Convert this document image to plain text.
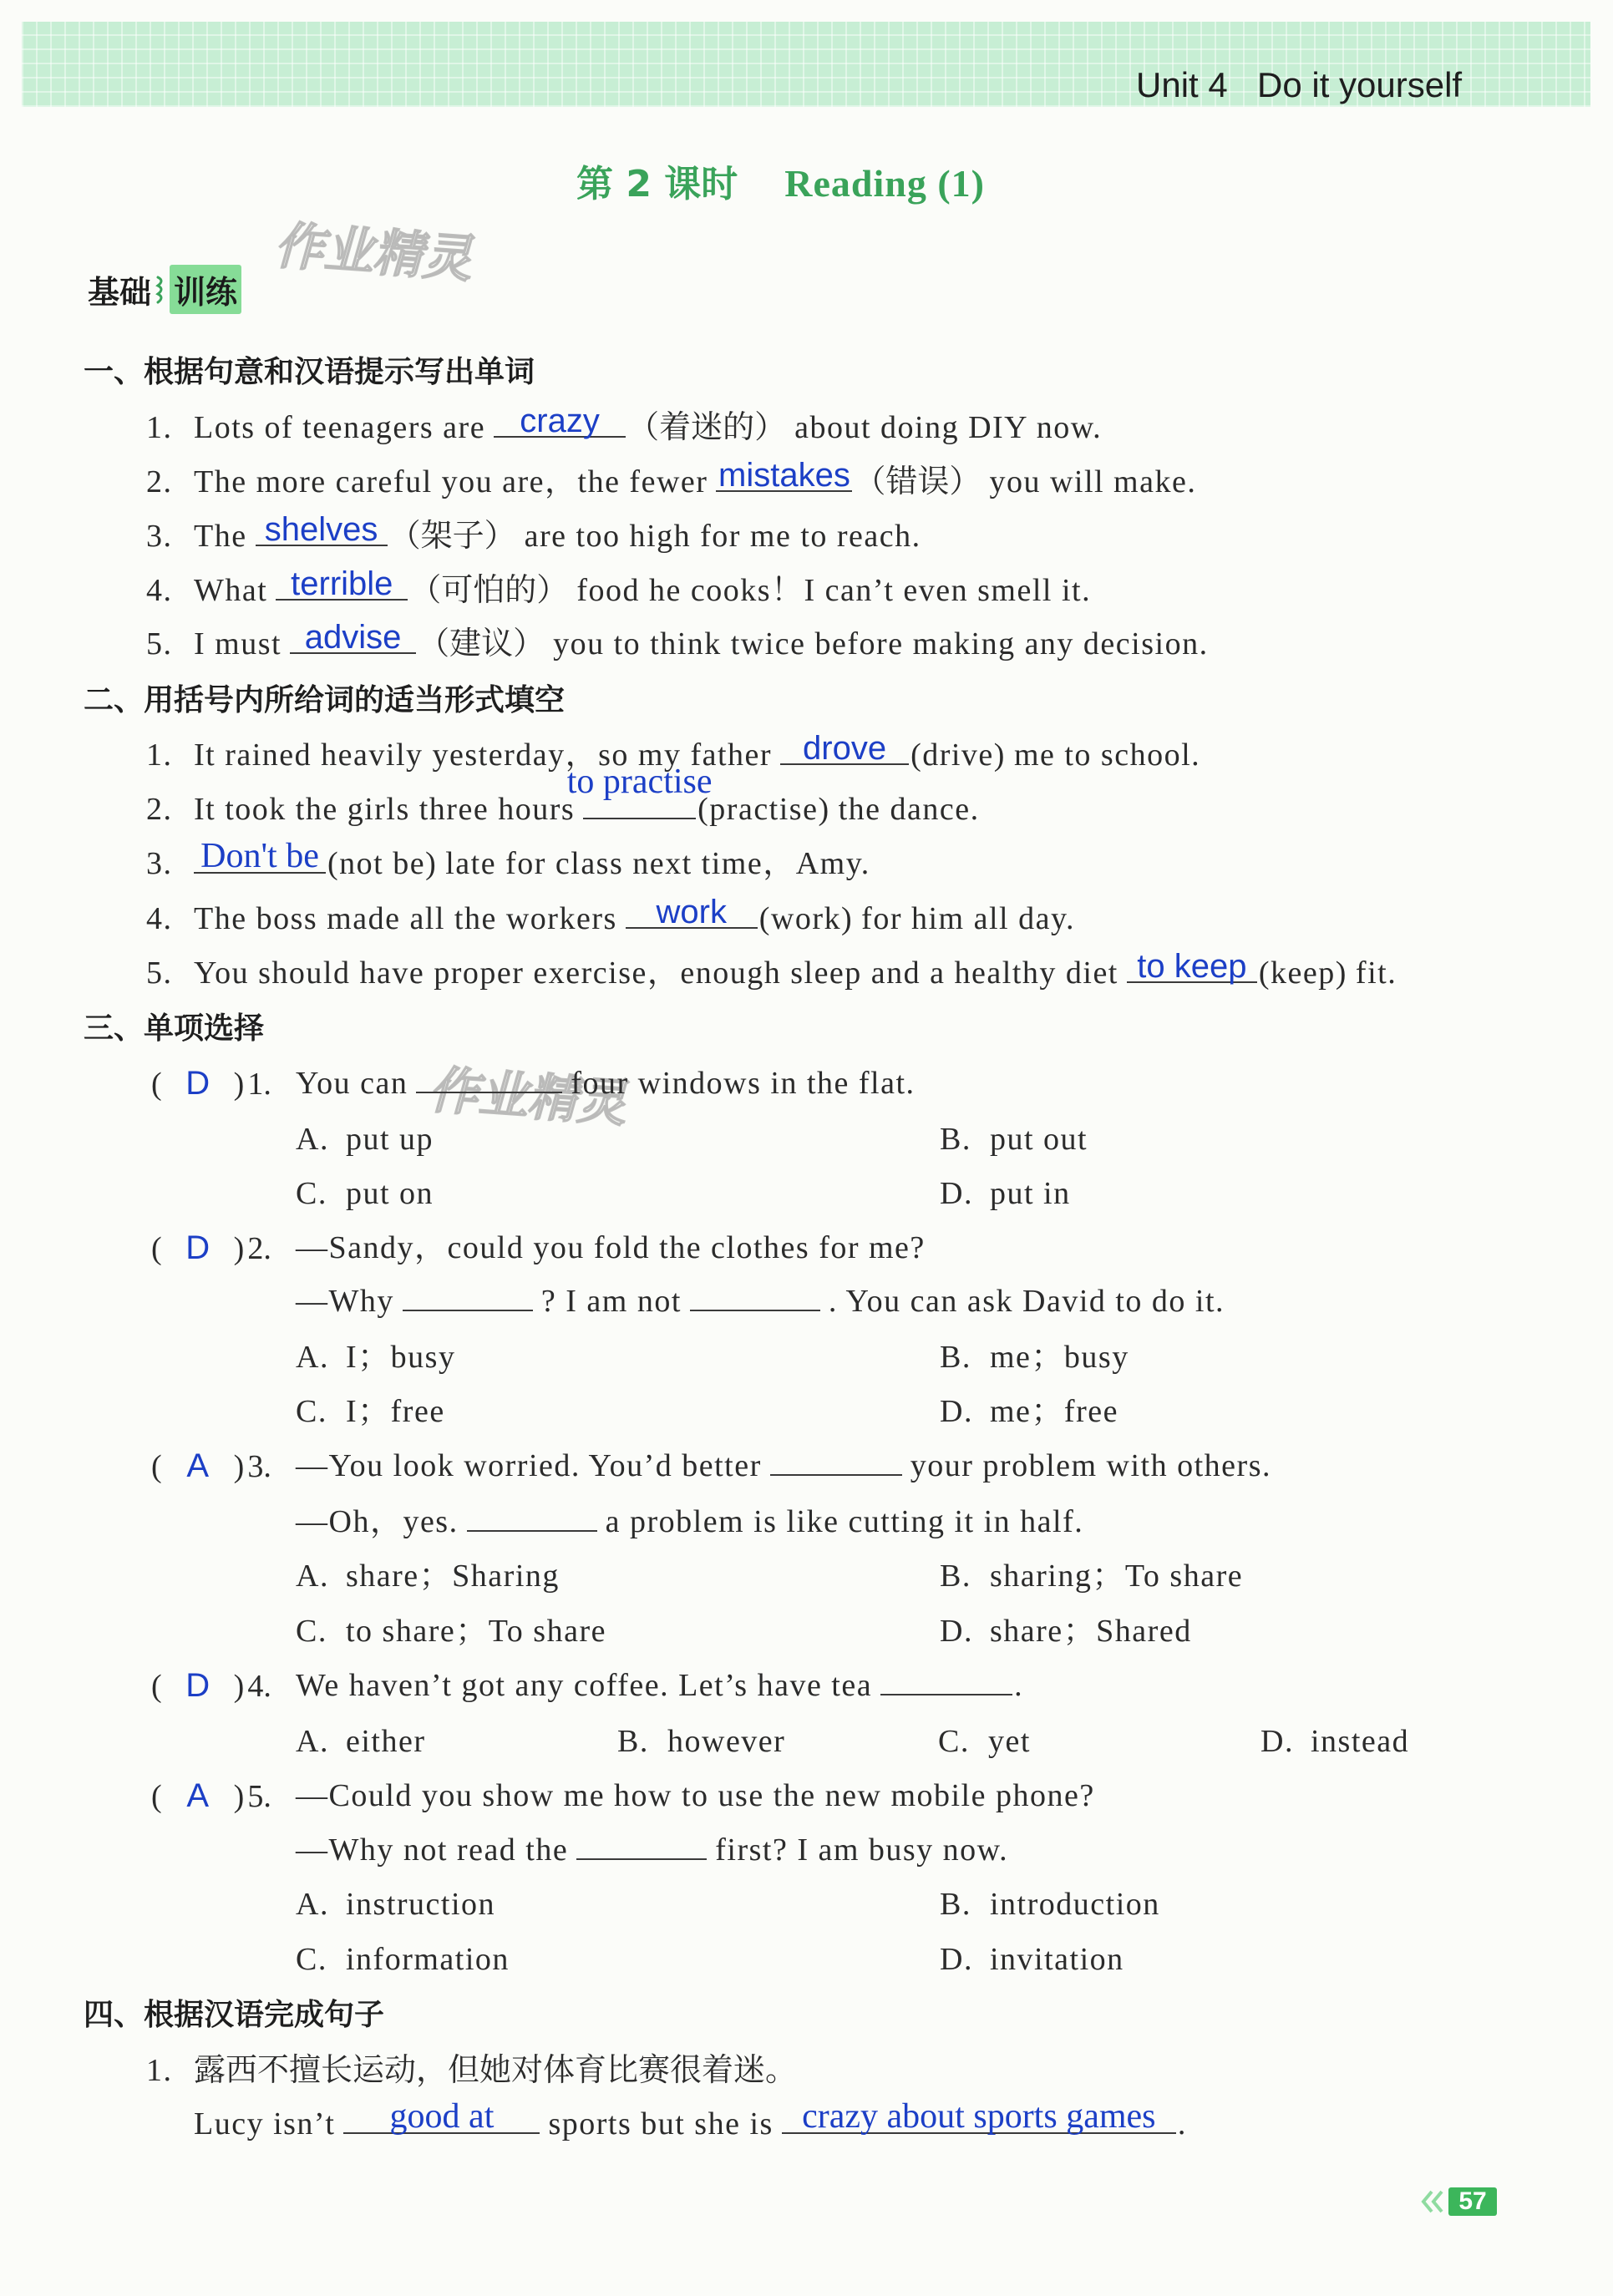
Unit 4 Do it yourself
第 2 课时 Reading (1)
作业精灵
作业精灵
基础 训练
一、根据句意和汉语提示写出单词
1. Lots of teenagers are crazy （着迷的） about doing DIY now.
2. The more careful you are，the fewer mistakes （错误） you will make.
3. The shelves （架子） are too high for me to reach.
4. What terrible （可怕的） food he cooks！I can’t even smell it.
5. I must advise （建议） you to think twice before making any decision.
二、用括号内所给词的适当形式填空
1. It rained heavily yesterday，so my father drove (drive) me to school.
2. It took the girls three hours
to practise
(practise) the dance.
3. Don't be (not be) late for class next time，Amy.
4. The boss made all the workers work (work) for him all day.
5. You should have proper exercise，enough sleep and a healthy diet to keep (keep) fit.
三、单项选择
( D ) 1. You can	four windows in the flat.
A. put up	B. put out
C. put on	D. put in
( D ) 2. —Sandy，could you fold the clothes for me?
—Why	? I am not	. You can ask David to do it.
A. I；busy	B. me；busy
C. I；free	D. me；free
( A ) 3. —You look worried. You’d better	your problem with others.
—Oh，yes.	a problem is like cutting it in half.
A. share；Sharing	B. sharing；To share
C. to share；To share	D. share；Shared
( D ) 4. We haven’t got any coffee. Let’s have tea	.
A. either	B. however	C. yet	D. instead
( A ) 5. —Could you show me how to use the new mobile phone?
—Why not read the	first? I am busy now.
A. instruction	B. introduction
C. information	D. invitation
四、根据汉语完成句子
1. 露西不擅长运动，但她对体育比赛很着迷。
Lucy isn’t good at sports but she is crazy about sports games .
57
